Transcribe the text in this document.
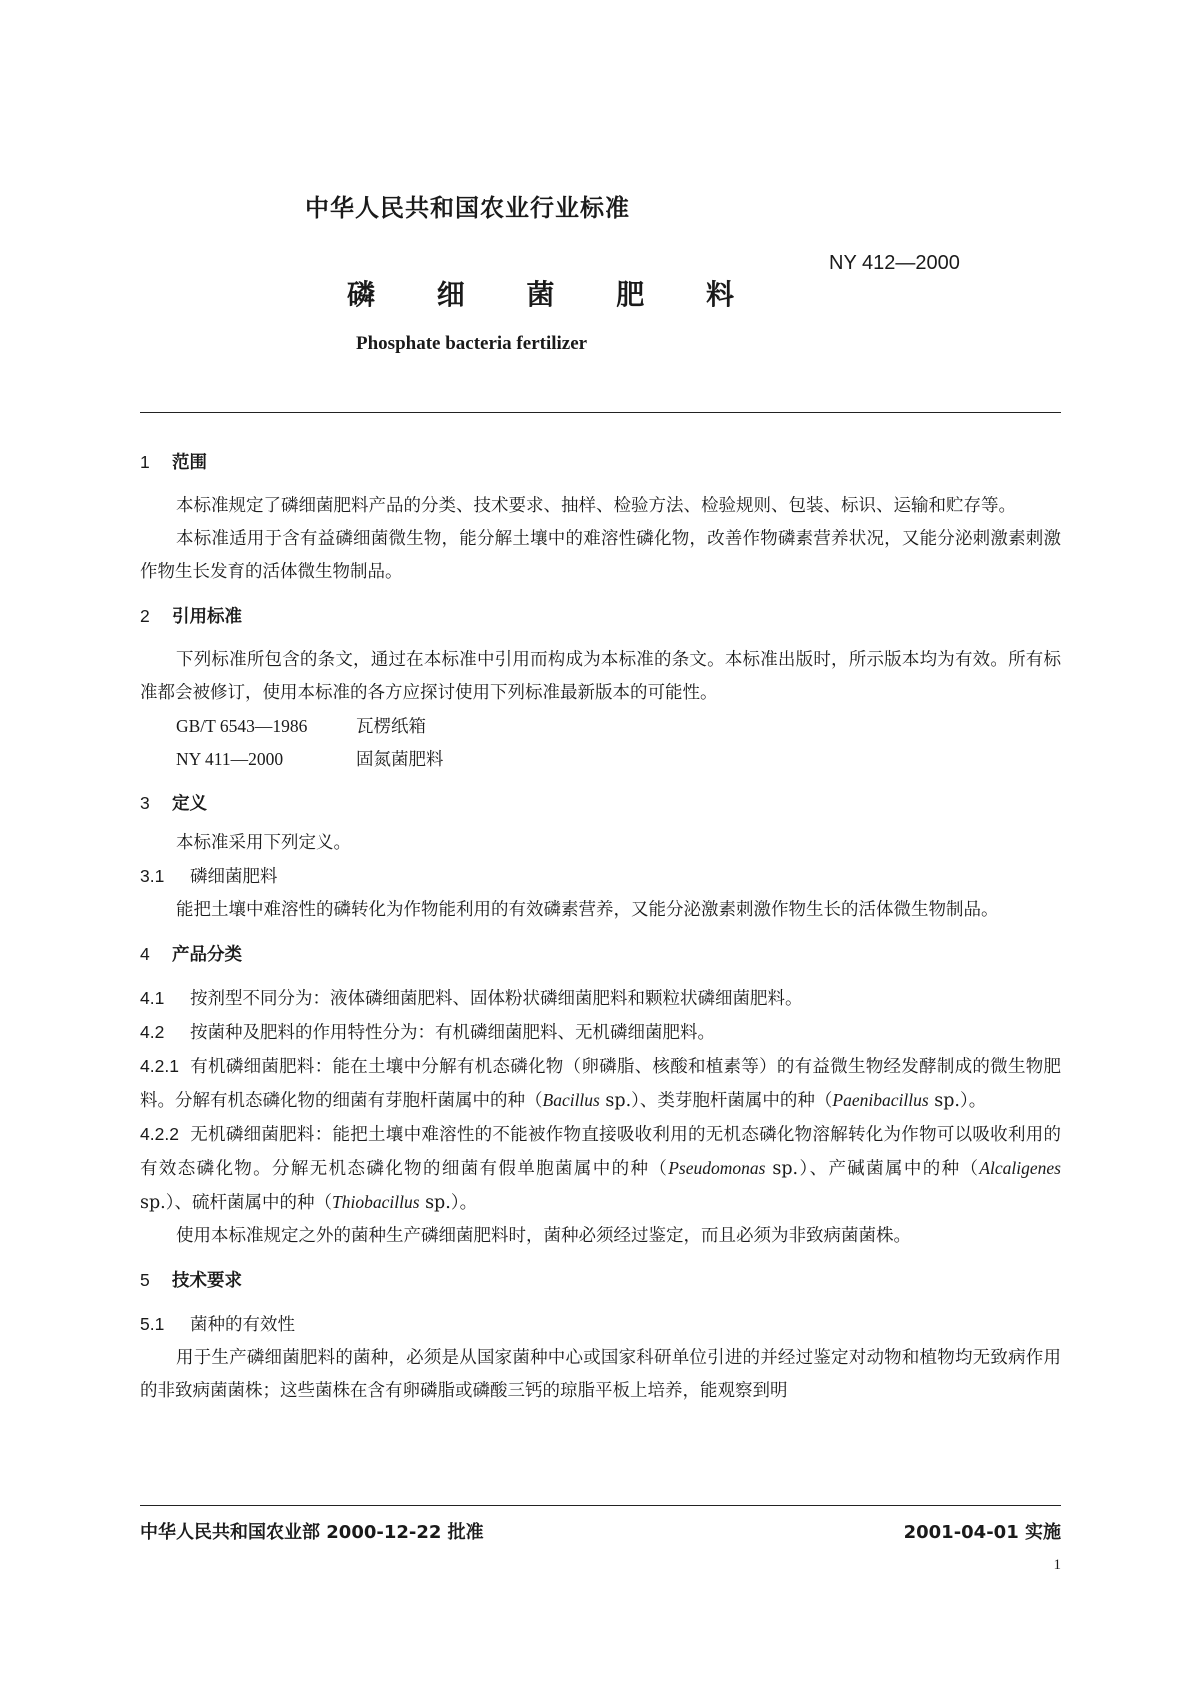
中华人民共和国农业行业标准
NY 412—2000
磷 细 菌 肥 料
Phosphate bacteria fertilizer
1 范围

本标准规定了磷细菌肥料产品的分类、技术要求、抽样、检验方法、检验规则、包装、标识、运输和贮存等。

本标准适用于含有益磷细菌微生物，能分解土壤中的难溶性磷化物，改善作物磷素营养状况，又能分泌刺激素刺激作物生长发育的活体微生物制品。

2 引用标准

下列标准所包含的条文，通过在本标准中引用而构成为本标准的条文。本标准出版时，所示版本均为有效。所有标准都会被修订，使用本标准的各方应探讨使用下列标准最新版本的可能性。

GB/T 6543—1986	瓦楞纸箱

NY 411—2000	固氮菌肥料

3 定义

本标准采用下列定义。

3.1 磷细菌肥料

能把土壤中难溶性的磷转化为作物能利用的有效磷素营养，又能分泌激素刺激作物生长的活体微生物制品。

4 产品分类

4.1 按剂型不同分为：液体磷细菌肥料、固体粉状磷细菌肥料和颗粒状磷细菌肥料。

4.2 按菌种及肥料的作用特性分为：有机磷细菌肥料、无机磷细菌肥料。

4.2.1 有机磷细菌肥料：能在土壤中分解有机态磷化物（卵磷脂、核酸和植素等）的有益微生物经发酵制成的微生物肥料。分解有机态磷化物的细菌有芽胞杆菌属中的种（Bacillus sp.）、类芽胞杆菌属中的种（Paenibacillus sp.）。

4.2.2 无机磷细菌肥料：能把土壤中难溶性的不能被作物直接吸收利用的无机态磷化物溶解转化为作物可以吸收利用的有效态磷化物。分解无机态磷化物的细菌有假单胞菌属中的种（Pseudomonas sp.）、产碱菌属中的种（Alcaligenes sp.）、硫杆菌属中的种（Thiobacillus sp.）。

使用本标准规定之外的菌种生产磷细菌肥料时，菌种必须经过鉴定，而且必须为非致病菌菌株。

5 技术要求

5.1 菌种的有效性

用于生产磷细菌肥料的菌种，必须是从国家菌种中心或国家科研单位引进的并经过鉴定对动物和植物均无致病作用的非致病菌菌株；这些菌株在含有卵磷脂或磷酸三钙的琼脂平板上培养，能观察到明

中华人民共和国农业部 2000-12-22 批准	2001-04-01 实施
1
